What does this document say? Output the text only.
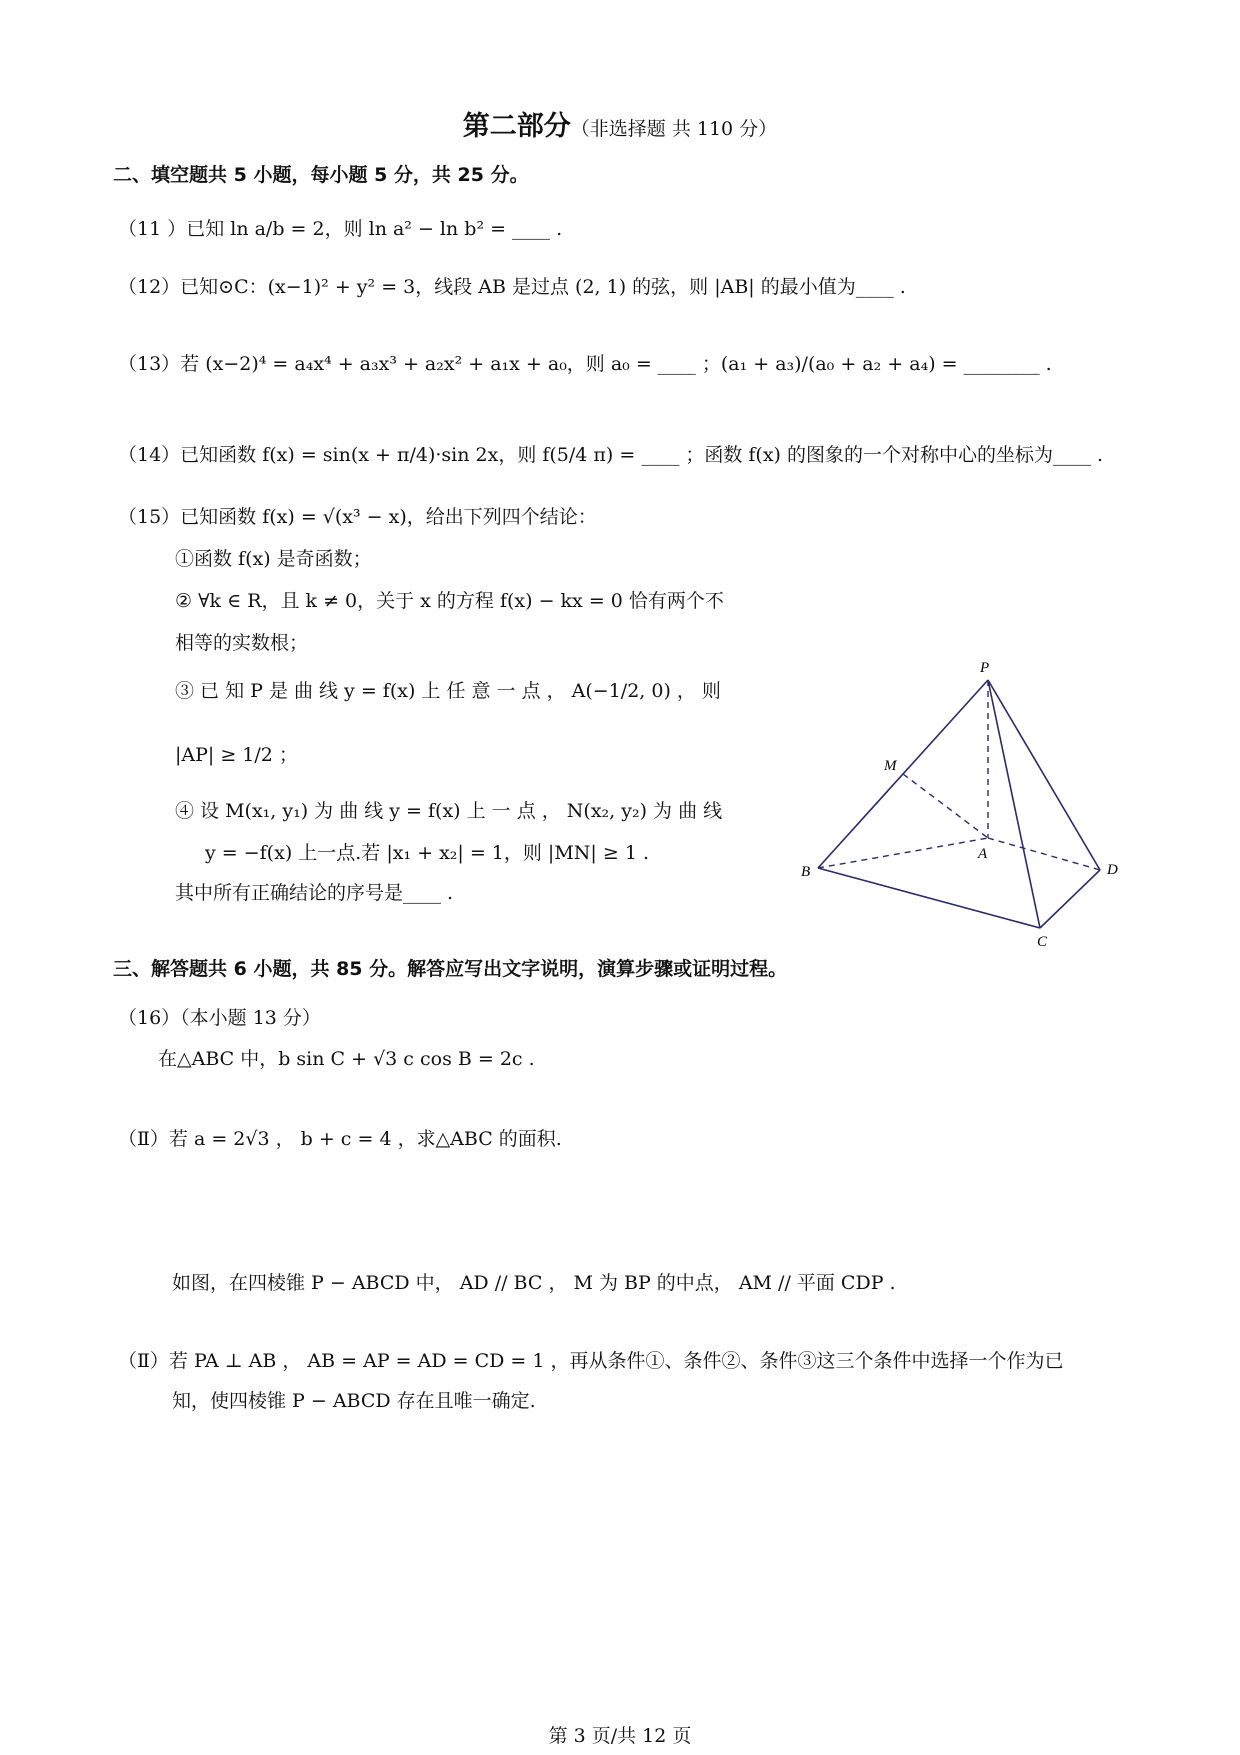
第二部分（非选择题 共 110 分）
二、填空题共 5 小题，每小题 5 分，共 25 分。
（11 ）已知 ln a/b = 2，则 ln a² − ln b² = ____ .
（12）已知⊙C：(x−1)² + y² = 3，线段 AB 是过点 (2, 1) 的弦，则 |AB| 的最小值为____ .
（13）若 (x−2)⁴ = a₄x⁴ + a₃x³ + a₂x² + a₁x + a₀，则 a₀ = ____ ；(a₁ + a₃)/(a₀ + a₂ + a₄) = ________ .
（14）已知函数 f(x) = sin(x + π/4)·sin 2x，则 f(5/4 π) = ____ ；函数 f(x) 的图象的一个对称中心的坐标为____ .
（15）已知函数 f(x) = √(x³ − x)，给出下列四个结论：
①函数 f(x) 是奇函数；
② ∀k ∈ R，且 k ≠ 0，关于 x 的方程 f(x) − kx = 0 恰有两个不
相等的实数根；
③ 已 知 P 是 曲 线 y = f(x) 上 任 意 一 点 ， A(−1/2, 0) ， 则
|AP| ≥ 1/2 ；
④ 设 M(x₁, y₁) 为 曲 线 y = f(x) 上 一 点 ， N(x₂, y₂) 为 曲 线
y = −f(x) 上一点.若 |x₁ + x₂| = 1，则 |MN| ≥ 1 .
其中所有正确结论的序号是____ .
P
M
A
B
C
D
三、解答题共 6 小题，共 85 分。解答应写出文字说明，演算步骤或证明过程。
（16）（本小题 13 分）
在△ABC 中，b sin C + √3 c cos B = 2c .
（Ⅱ）若 a = 2√3 ， b + c = 4 ，求△ABC 的面积.
如图，在四棱锥 P − ABCD 中， AD // BC ， M 为 BP 的中点， AM // 平面 CDP .
（Ⅱ）若 PA ⊥ AB ， AB = AP = AD = CD = 1 ，再从条件①、条件②、条件③这三个条件中选择一个作为已
知，使四棱锥 P − ABCD 存在且唯一确定.
第 3 页/共 12 页
